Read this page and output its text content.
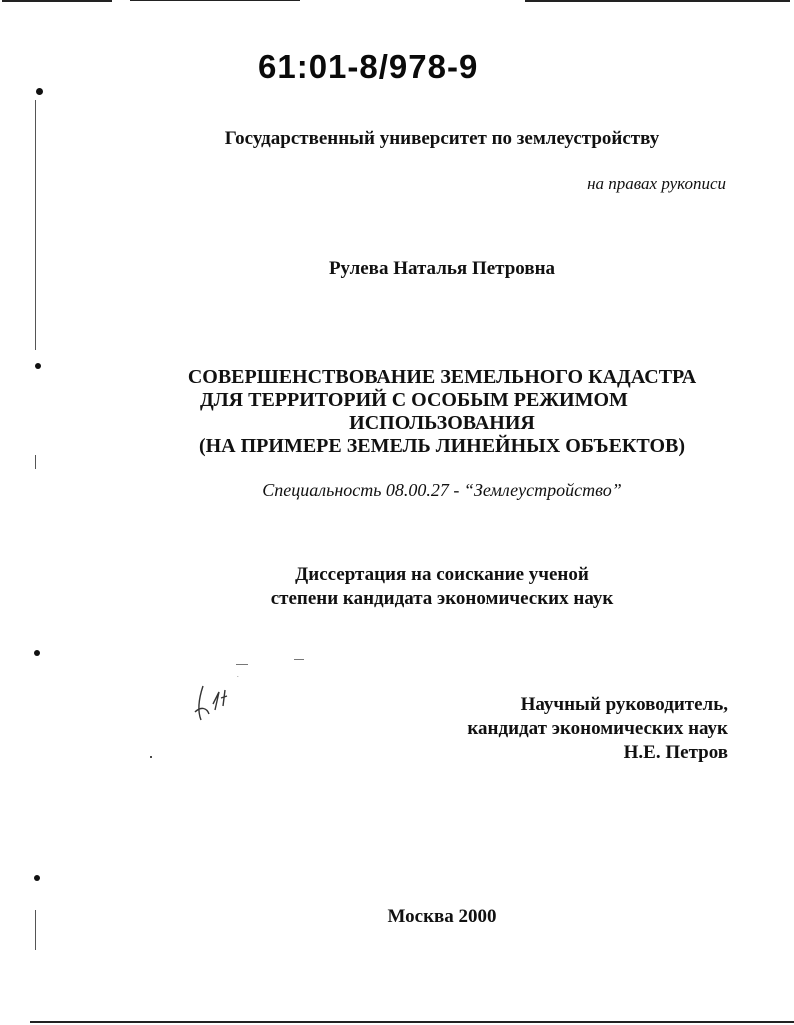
61:01-8/978-9
Государственный университет по землеустройству
на правах рукописи
Рулева Наталья Петровна
СОВЕРШЕНСТВОВАНИЕ ЗЕМЕЛЬНОГО КАДАСТРА
ДЛЯ ТЕРРИТОРИЙ С ОСОБЫМ РЕЖИМОМ
ИСПОЛЬЗОВАНИЯ
(НА ПРИМЕРЕ ЗЕМЕЛЬ ЛИНЕЙНЫХ ОБЪЕКТОВ)
Специальность 08.00.27 - “Землеустройство”
Диссертация на соискание ученой
степени кандидата экономических наук
Научный руководитель,
кандидат экономических наук
Н.Е. Петров
Москва 2000
